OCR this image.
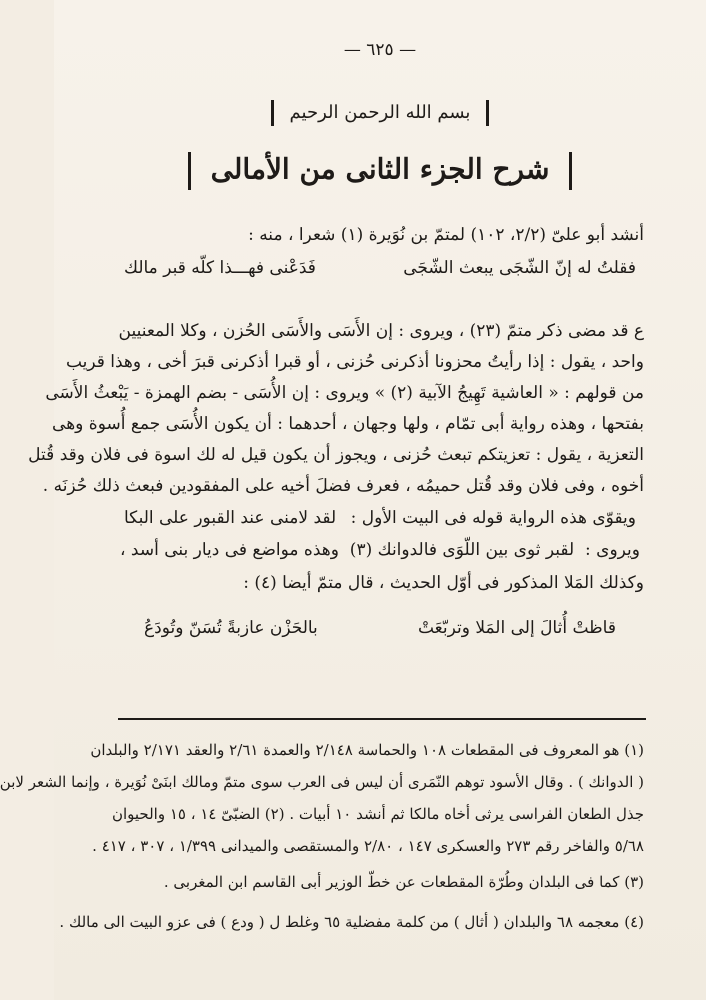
— ٦٢٥ —
بسم الله الرحمن الرحيم
شرح الجزء الثانى من الأمالى
أنشد أبو علىّ (٢/٢، ١٠٢) لمتمّ بن نُوَيرة (١) شعرا ، منه :
فقلتُ له إنّ الشّجَى يبعث الشّجَى
فَدَعْنى فهـــذا كلّه قبر مالك
ع قد مضى ذكر متمّ (٢٣) ، ويروى : إن الأَسَى والأَسَى الحُزن ، وكلا المعنيين
واحد ، يقول : إذا رأيتُ محزونا أذكرنى حُزنى ، أو قبرا أذكرنى قبرَ أخى ، وهذا قريب
من قولهم : « العاشية تَهِيجُ الآبية (٢) » ويروى : إن الأُسَى - بضم الهمزة - يَبْعثُ الأَسَى
بفتحها ، وهذه رواية أبى تمّام ، ولها وجهان ، أحدهما : أن يكون الأُسَى جمع أُسوة وهى
التعزية ، يقول : تعزيتكم تبعث حُزنى ، ويجوز أن يكون قيل له لك اسوة فى فلان وقد قُتل
أخوه ، وفى فلان وقد قُتل حميمُه ، فعرف فضلَ أخيه على المفقودين فبعث ذلك حُزنَه .
ويقوّى هذه الرواية قوله فى البيت الأول :
لقد لامنى عند القبور على البكا
ويروى :
لقبر ثوى بين اللّوَى فالدوانك (٣)
وهذه مواضع فى ديار بنى أسد ،
وكذلك المَلا المذكور فى أوّل الحديث ، قال متمّ أيضا (٤) :
قاظتْ أُثالَ إلى المَلا وتربّعَتْ
بالحَزْن عازبةً تُسَنّ وتُودَعُ
(١) هو المعروف فى المقطعات ١٠٨ والحماسة ٢/١٤٨ والعمدة ٢/٦١ والعقد ٢/١٧١ والبلدان
( الدوانك ) . وقال الأسود توهم النّمَرى أن ليس فى العرب سوى متمّ ومالك ابنَىْ نُوَيرة ، وإنما الشعر لابن
جذل الطعان الفراسى يرثى أخاه مالكا ثم أنشد ١٠ أبيات . (٢) الضبّىّ ١٤ ، ١٥ والحيوان
٥/٦٨ والفاخر رقم ٢٧٣ والعسكرى ١٤٧ ، ٢/٨٠ والمستقصى والميدانى ١/٣٩٩ ، ٣٠٧ ، ٤١٧ .
(٣) كما فى البلدان وطُرّة المقطعات عن خطّ الوزير أبى القاسم ابن المغربى .
(٤) معجمه ٦٨ والبلدان ( أثال ) من كلمة مفضلية ٦٥ وغلط ل ( ودع ) فى عزو البيت الى مالك .
